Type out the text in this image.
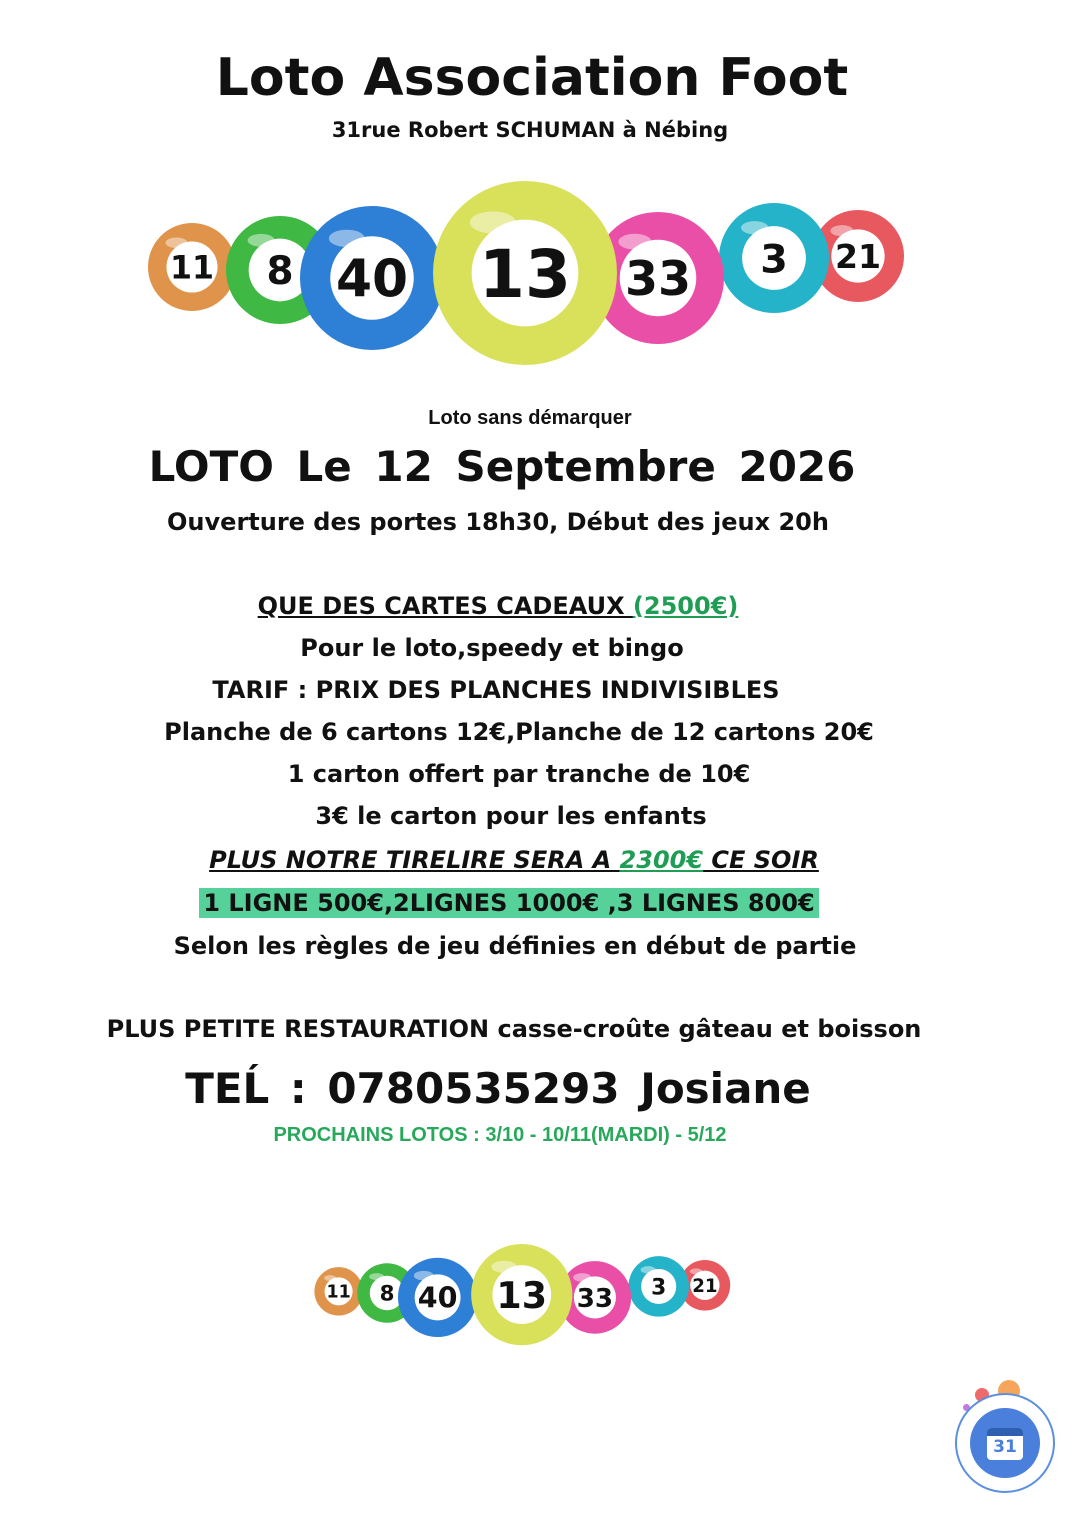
Loto Association Foot
31rue Robert SCHUMAN à Nébing
11	21
8	3
40	33
13
Loto sans démarquer
LOTO Le 12 Septembre 2026
Ouverture des portes 18h30, Début des jeux 20h
QUE DES CARTES CADEAUX (2500€)
Pour le loto,speedy et bingo
TARIF : PRIX DES PLANCHES INDIVISIBLES
Planche de 6 cartons 12€,Planche de 12 cartons 20€
1 carton offert par tranche de 10€
3€ le carton pour les enfants
PLUS NOTRE TIRELIRE SERA A 2300€ CE SOIR
1 LIGNE 500€,2LIGNES 1000€ ,3 LIGNES 800€
Selon les règles de jeu définies en début de partie
PLUS PETITE RESTAURATION casse-croûte gâteau et boisson
TEĹ : 0780535293 Josiane
PROCHAINS LOTOS : 3/10 - 10/11(MARDI) - 5/12
11	21
8	3
40	33
13
31
